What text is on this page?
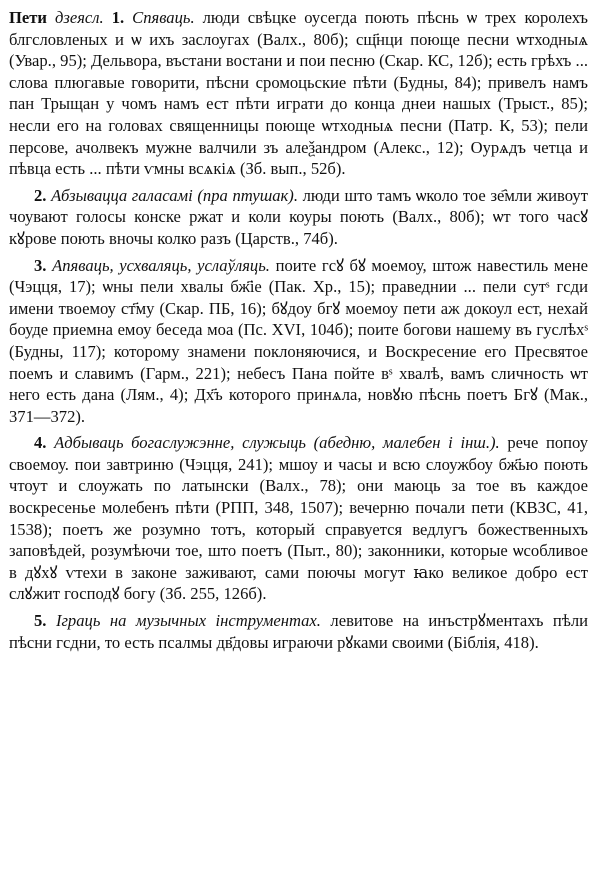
Пети дзеясл. 1. Спяваць. люди свѣцкe оусегда поють пѣснь ѡ трех королехъ блгсловленых и ѡ ихъ заслоугах (Валх., 80б); сщ҃нци поюще песни ѡтходныѧ (Увар., 95); Дельвора, въстани востани и пои песню (Скар. КС, 12б); есть грѣхъ ... слова плюгавые говорити, пѣсни сромоцьские пѣти (Будны, 84); привелъ намъ пан Трыщан у чомъ намъ ест пѣти играти до конца днеи нашых (Трыст., 85); несли его на головах священницы поюще ѡтходныѧ песни (Патр. К, 53); пели персове, ачолвекъ мужне валчили зъ алеѯандром (Алекс., 12); Оурѧдъ четца и пѣвца есть ... пѣти ѵмны всѧкіѧ (Зб. вып., 52б).

2. Абзываццa галасамі (пра птушак). люди што тамъ ѡколо тое зе҄мли живоут чоувают голосы конске ржат и коли коуры поють (Валх., 80б); ѡт того часꙋ кꙋрове поють вночы колко разъ (Царств., 74б).

3. Апяваць, усхваляць, услаўляць. поите гсꙋ бꙋ моемоу, штож навестиль мене (Чэцця, 17); ѡны пели хвалы бж҃іе (Пак. Хр., 15); праведнии ... пели сутˢ гсди имени твоемоу ст҃му (Скар. ПБ, 16); бꙋдоу бгꙋ моемоу пети аж докоул ест, нехай боуде приемна емоу беседа моа (Пс. XVI, 104б); поите богови нашему въ гуслѣхˢ (Будны, 117); которому знамени поклоняючися, и Воскресение его Пресвятое поемъ и славимъ (Гарм., 221); небесъ Пана пойте вˢ хвалѣ, вамъ сличность ѡт него есть дана (Лям., 4); Дх҃ъ которого принѧла, новꙋю пѣснь поетъ Бгꙋ (Мак., 371—372).

4. Адбываць богаслужэнне, служыць (абедню, малебен і інш.). рече попоу своемоу. пои завтриню (Чэцця, 241); мшоу и часы и всю слоужбоу бж҃ью поють чтоут и слоужать по латынски (Валх., 78); они маюць за тое въ каждое воскресенье молебенъ пѣти (РПП, 348, 1507); вечерню почали пети (КВЗС, 41, 1538); поетъ же розумно тотъ, который справуется ведлугъ божественныхъ заповѣдей, розумѣючи тое, што поетъ (Пыт., 80); законники, которые ѡсобливое в дꙋхꙋ ѵтехи в законе заживают, сами поючы могут ꙗко великое добро ест слꙋжит господꙋ богу (Зб. 255, 126б).

5. Іграць на музычных інструментах. левитове на инъстрꙋментахъ пѣли пѣсни гсдни, то есть псалмы дв҃довы играючи рꙋками своими (Біблія, 418).
